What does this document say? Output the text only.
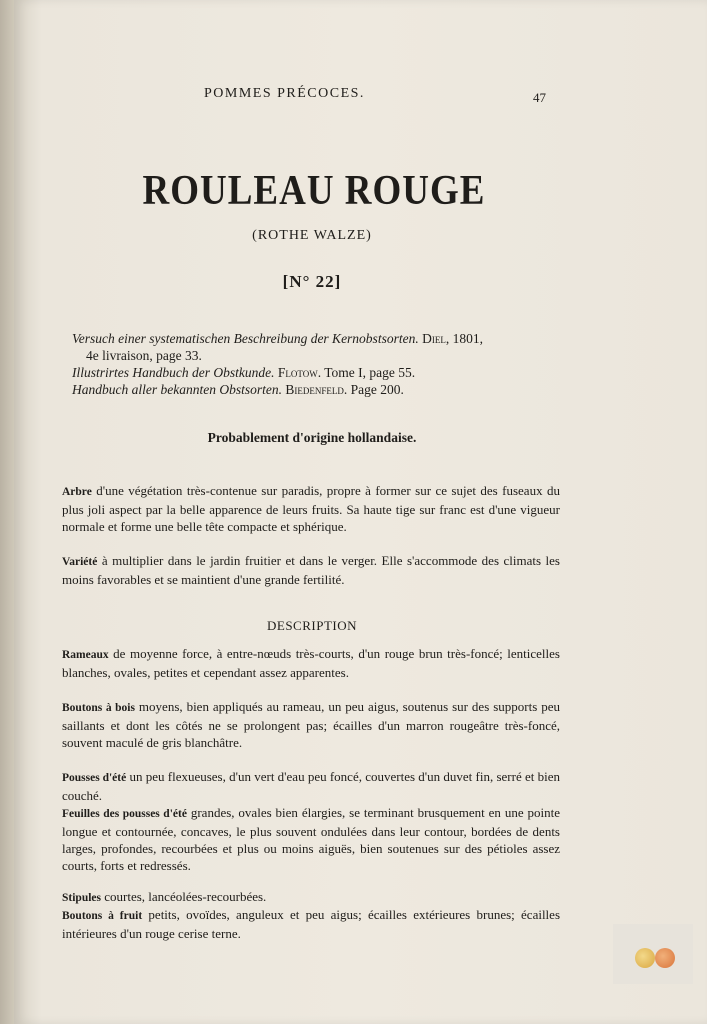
POMMES PRÉCOCES.	47
ROULEAU ROUGE
(ROTHE WALZE)
[N° 22]
Versuch einer systematischen Beschreibung der Kernobstsorten. Diel, 1801,
4e livraison, page 33.
Illustrirtes Handbuch der Obstkunde. Flotow. Tome I, page 55.
Handbuch aller bekannten Obstsorten. Biedenfeld. Page 200.
Probablement d'origine hollandaise.
Arbre d'une végétation très-contenue sur paradis, propre à former sur ce sujet des fuseaux du plus joli aspect par la belle apparence de leurs fruits. Sa haute tige sur franc est d'une vigueur normale et forme une belle tête compacte et sphérique.
Variété à multiplier dans le jardin fruitier et dans le verger. Elle s'accommode des climats les moins favorables et se maintient d'une grande fertilité.
DESCRIPTION
Rameaux de moyenne force, à entre-nœuds très-courts, d'un rouge brun très-foncé; lenticelles blanches, ovales, petites et cependant assez apparentes.
Boutons à bois moyens, bien appliqués au rameau, un peu aigus, soutenus sur des supports peu saillants et dont les côtés ne se prolongent pas; écailles d'un marron rougeâtre très-foncé, souvent maculé de gris blanchâtre.
Pousses d'été un peu flexueuses, d'un vert d'eau peu foncé, couvertes d'un duvet fin, serré et bien couché.
Feuilles des pousses d'été grandes, ovales bien élargies, se terminant brusquement en une pointe longue et contournée, concaves, le plus souvent ondulées dans leur contour, bordées de dents larges, profondes, recourbées et plus ou moins aiguës, bien soutenues sur des pétioles assez courts, forts et redressés.
Stipules courtes, lancéolées-recourbées.
Boutons à fruit petits, ovoïdes, anguleux et peu aigus; écailles extérieures brunes; écailles intérieures d'un rouge cerise terne.
